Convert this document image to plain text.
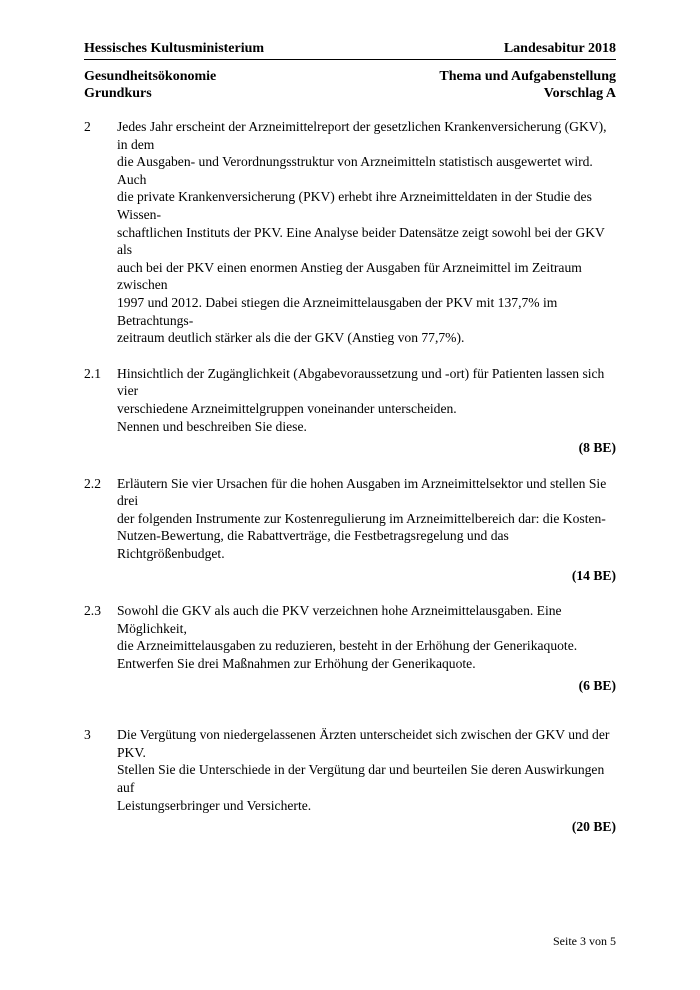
Hessisches Kultusministerium	Landesabitur 2018
Gesundheitsökonomie	Thema und Aufgabenstellung
Grundkurs	Vorschlag A
2	Jedes Jahr erscheint der Arzneimittelreport der gesetzlichen Krankenversicherung (GKV), in dem
die Ausgaben- und Verordnungsstruktur von Arzneimitteln statistisch ausgewertet wird. Auch
die private Krankenversicherung (PKV) erhebt ihre Arzneimitteldaten in der Studie des Wissen-
schaftlichen Instituts der PKV. Eine Analyse beider Datensätze zeigt sowohl bei der GKV als
auch bei der PKV einen enormen Anstieg der Ausgaben für Arzneimittel im Zeitraum zwischen
1997 und 2012. Dabei stiegen die Arzneimittelausgaben der PKV mit 137,7% im Betrachtungs-
zeitraum deutlich stärker als die der GKV (Anstieg von 77,7%).
2.1	Hinsichtlich der Zugänglichkeit (Abgabevoraussetzung und -ort) für Patienten lassen sich vier
verschiedene Arzneimittelgruppen voneinander unterscheiden.
Nennen und beschreiben Sie diese.
(8 BE)
2.2	Erläutern Sie vier Ursachen für die hohen Ausgaben im Arzneimittelsektor und stellen Sie drei
der folgenden Instrumente zur Kostenregulierung im Arzneimittelbereich dar: die Kosten-
Nutzen-Bewertung, die Rabattverträge, die Festbetragsregelung und das Richtgrößenbudget.
(14 BE)
2.3	Sowohl die GKV als auch die PKV verzeichnen hohe Arzneimittelausgaben. Eine Möglichkeit,
die Arzneimittelausgaben zu reduzieren, besteht in der Erhöhung der Generikaquote.
Entwerfen Sie drei Maßnahmen zur Erhöhung der Generikaquote.
(6 BE)
3	Die Vergütung von niedergelassenen Ärzten unterscheidet sich zwischen der GKV und der PKV.
Stellen Sie die Unterschiede in der Vergütung dar und beurteilen Sie deren Auswirkungen auf
Leistungserbringer und Versicherte.
(20 BE)
Seite 3 von 5
